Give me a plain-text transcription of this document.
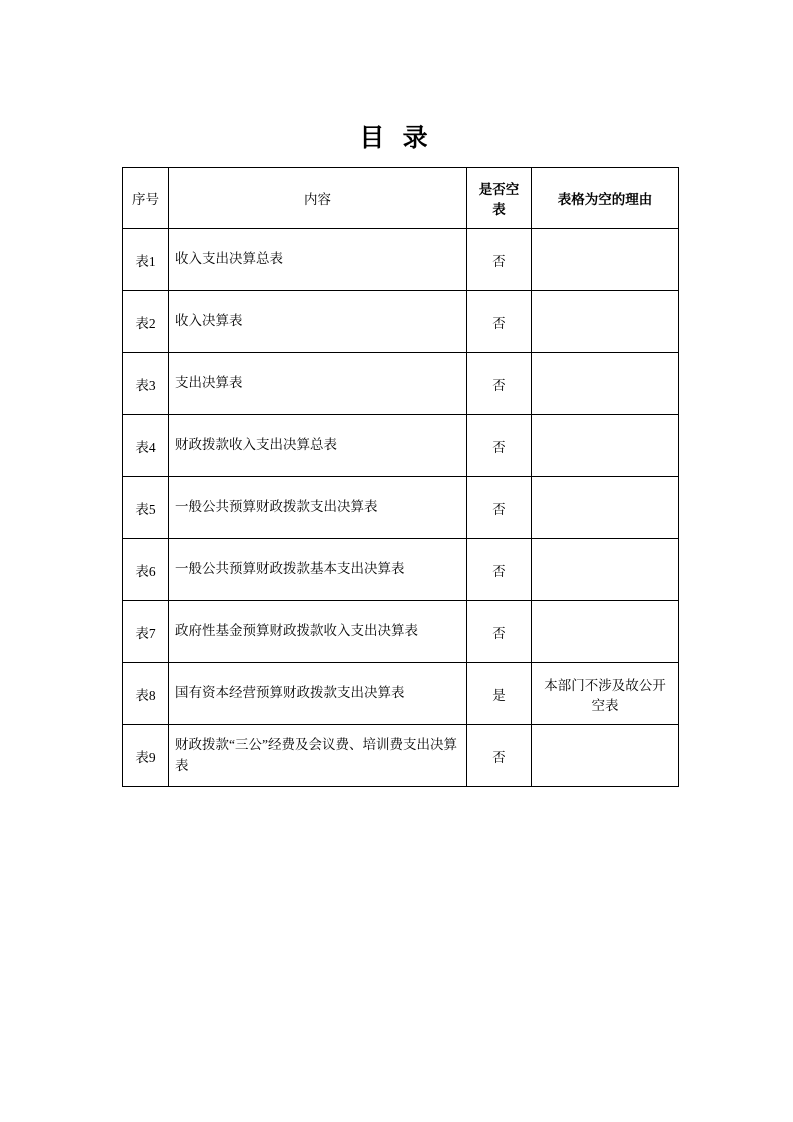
目 录
序号	内容	是否空表	表格为空的理由
表1	收入支出决算总表	否	
表2	收入决算表	否	
表3	支出决算表	否	
表4	财政拨款收入支出决算总表	否	
表5	一般公共预算财政拨款支出决算表	否	
表6	一般公共预算财政拨款基本支出决算表	否	
表7	政府性基金预算财政拨款收入支出决算表	否	
表8	国有资本经营预算财政拨款支出决算表	是	本部门不涉及故公开空表
表9	财政拨款“三公”经费及会议费、培训费支出决算表	否	
